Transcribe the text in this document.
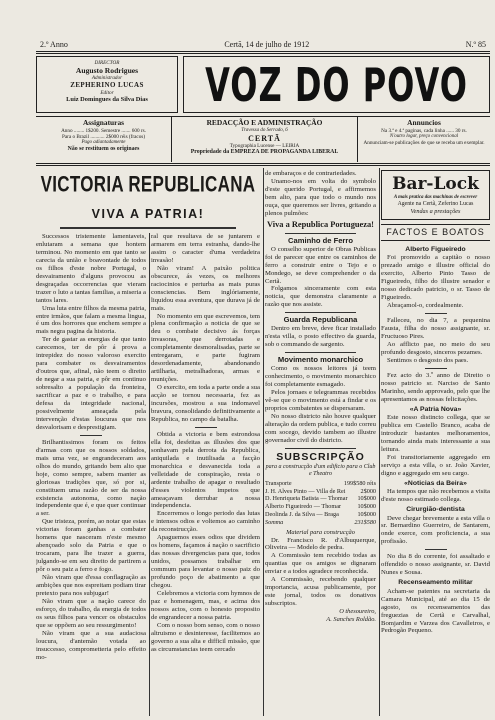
2.º Anno	Certã, 14 de julho de 1912	N.º 85
DIRECTOR
Augusto Rodrigues
Administrador
ZEPHERINO LUCAS
Editor
Luiz Domingues da Silva Dias	VOZ DO POVO
Assignaturas
Anno ........ 1$200. Semestre ....... 600 rs.
Para o Brazil ........... 2$000 réis (fracos)
Pago adiantadamente
Não se restituem os originaes
REDACÇÃO E ADMINISTRAÇÃO
Travessa do Serrado, 6
CERTÃ
Typographia Lucense — LEIRIA
Propriedade da EMPREZA DE PROPAGANDA LIBERAL
Annuncios
Na 3.ª e 4.ª paginas, cada linha ...... 30 rs.
N'outro logar, preço convencional
Annunciam-se publicações de que se receba um exemplar.
VICTORIA REPUBLICANA
VIVA A PATRIA!

Successos tristemente lamentaveis, enlutaram a semana que hontem terminou. No momento em que tanto se carecia da união e boavontade de todos os filhos d'este nobre Portugal, o desvairamento d'alguns provocou as desgraçadas occorrencias que vieram trazer o luto a tantas familias, a miseria a tantos lares.

Uma luta entre filhos da mesma patria, entre irmãos, que falam a mesma lingua, é um dos horrores que enchem sempre a mais negra pagina da historia.

Ter de gastar as energias de que tanto carecemos, ter de pôr á prova a intrepidez do nosso valoroso exercito para combater os desvairamentos d'outros que, afinal, não teem o direito de negar a sua patria, e pôr em continuo sobresalto a população da fronteira, sacrificar a paz e o trabalho, e para defesa da integridade nacional, possivelmente ameaçada pela intervenção d'estas loucuras que nos desvalorisam e desprestigiam.

Brilhantissimos foram os feitos d'armas com que os nossos soldados, mais uma vez, se engrandeceram aos olhos do mundo, gritando bem alto que hoje, como sempre, sabem manter as gloriosas tradições que, só por si, constituem uma razão de ser da nossa existencia autonoma, como nação independente que é, e que quer continuar a ser.

Que tristeza, porém, ao notar que estas victorias foram ganhas a combater homens que nasceram n'este mesmo abençoado solo da Patria e que o trocaram, para lhe trazer a guerra, julgando-se em seu direito de partirem a pôr o seu paiz a ferro e fogo.

Não viram que d'essa conflagração as ambições que nos espreitam podiam tirar pretexto para nos subjugar!

Não viram que a nação carece do esforço, do trabalho, da energia de todos os seus filhos para vencer os obstaculos que se oppõem ao seu ressurgimento!

Não viram que a sua audaciosa loucura, d'antemão votada ao insuccesso, comprometteria pelo effeito mo-

ral que resultava de se juntarem e armarem em terra estranha, dando-lhe assim o caracter d'uma verdadeira invasão!

Não viram! A paixão politica obscurece, ás vezes, os melhores raciocinios e perturba as mais puras consciencias. Bem inglóriamente, liquidou essa aventura, que durava já de mais.

No momento em que escrevemos, tem plena confirmação a noticia de que se deu o combate decisivo ás forças invasoras, que derrotadas e completamente desmoralisadas, parte se entregaram, e parte fugiram desordenadamente, abandonando artilharia, metralhadoras, armas e munições.

O exercito, em toda a parte onde a sua acção se tornou necessaria, fez as incursões, mostrou a sua indomavel bravura, consolidando definitivamente a Republica, no campo da batalha.

Obtida a victoria e bem estrondosa ella foi, desfeitas as illusões dos que sonhavam pela derrota da Republica, aniquilada e inutilisada a facção monarchica e desvanecida toda a velleidade de conspiração, resta o ardente trabalho de apagar o resultado d'esses violentos impetos que ameaçavam derrubar a nossa independencia.

Encerremos o longo periodo das lutas e intensos odios e voltemos ao caminho da reconstrucção.

Apaguemos esses odios que dividem os homens, façamos á nação o sacrificio das nossas divergencias para que, todos unidos, possamos trabalhar em commum para levantar o nosso paiz do profundo poço de abatimento a que chegou.

Celebremos a victoria com hymnos de paz e homenagem, mas, e acima dos nossos actos, com o honesto proposito de engrandecer a nossa patria.

Com o nosso bom senso, com o nosso altruismo e desinteresse, facilitemos ao governo a sua alta e difficil missão, que as circumstancias teem cercado

de embaraços e de contrariedades.

Unamo-nos em volta do symbolo d'este querido Portugal, e affirmemos bem alto, para que todo o mundo nos ouça, que queremos ser livres, gritando a plenos pulmões:

Viva a Republica Portugueza!
Caminho de Ferro

O conselho superior de Obras Publicas foi de parecer que entre os caminhos de ferro a construir entre o Tejo e o Mondego, se deve comprehender o da Certã.

Folgamos sinceramente com esta noticia, que demonstra claramente a razão que nos assiste.

Guarda Republicana

Dentro em breve, deve ficar installado n'esta villa, o posto effectivo da guarda, sob o commando de sargento.

Movimento monarchico

Como os nossos leitores já teem conhecimento, o movimento monarchico foi completamente esmagado.

Pelos jornaes e telegrammas recebidos vê-se que o movimento está a findar e os proprios combatentes se dispersaram.

No nosso districto não houve qualquer alteração da ordem publica, e tudo correu com socego, devido tambem ao illustre governador civil do districto.

SUBSCRIPÇÃO
para a construcção d'um edificio para o Club e Theatro
Transporte	199$580 réis
J. H. Alves Pinto — Villa de Rei	2$000
D. Henriqueta Batista — Thomar	10$000
Alberto Figueiredo — Thomar	10$000
Deolinda J. da Silva — Braga	10$000
Somma	231$580
Material para construcção

Dr. Francisco R. d'Albuquerque, Oliveira — Modelo de pedra.

A Commissão tem recebido todas as quantias que os amigos se dignaram enviar e a todos agradece reconhecida.

A Commissão, recebendo qualquer importancia, acusa publicamente, por este jornal, todos os donativos subscriptos.

O thesoureiro,
A. Sanches Roldão.
Bar-Lock
A mais pratica das machinas de escrever
Agente na Certã, Zeferino Lucas
Vendas a prestações
FACTOS E BOATOS
Alberto Figueiredo

Foi promovido a capitão o nosso prezado amigo e illustre official do exercito, Alberto Pinto Tasso de Figueiredo, filho do illustre senador e nosso dedicado patricio, o sr. Tasso de Figueiredo.

Abraçamol-o, cordealmente.

Falleceu, no dia 7, a pequenina Fausta, filha do nosso assignante, sr. Fructuoso Pires.

Ao afflicto pae, no meio do seu profundo desgosto, sinceros pezames.

Sentimos o desgosto dos paes.

Fez acto do 3.º anno de Direito o nosso patricio sr. Narciso de Santo Marinho, sendo approvado, pelo que lhe apresentamos as nossas felicitações.

«A Patria Nova»

Este nosso distincto collega, que se publica em Castello Branco, acaba de introduzir bastantes melhoramentos, tornando ainda mais interessante a sua leitura.

Foi transitoriamente aggregado em serviço a esta villa, o sr. João Xavier, digno e aggregado em seu cargo.

«Noticias da Beira»

Ha tempos que não recebemos a visita d'este nosso estimado collega.

Cirurgião-dentista

Deve chegar brevemente a esta villa o sr. Bernardino Guerreiro, de Santarem, onde exerce, com proficiencia, a sua profissão.

No dia 8 do corrente, foi assaltado e offendido o nosso assignante, sr. David Nunes e Sousa.

Recenseamento militar

Acham-se patentes na secretaria da Camara Municipal, até ao dia 15 de agosto, os recenseamentos das freguezias de Certã e Carvalhal, Bomjardim e Varzea dos Cavalleiros, e Pedrogão Pequeno.
